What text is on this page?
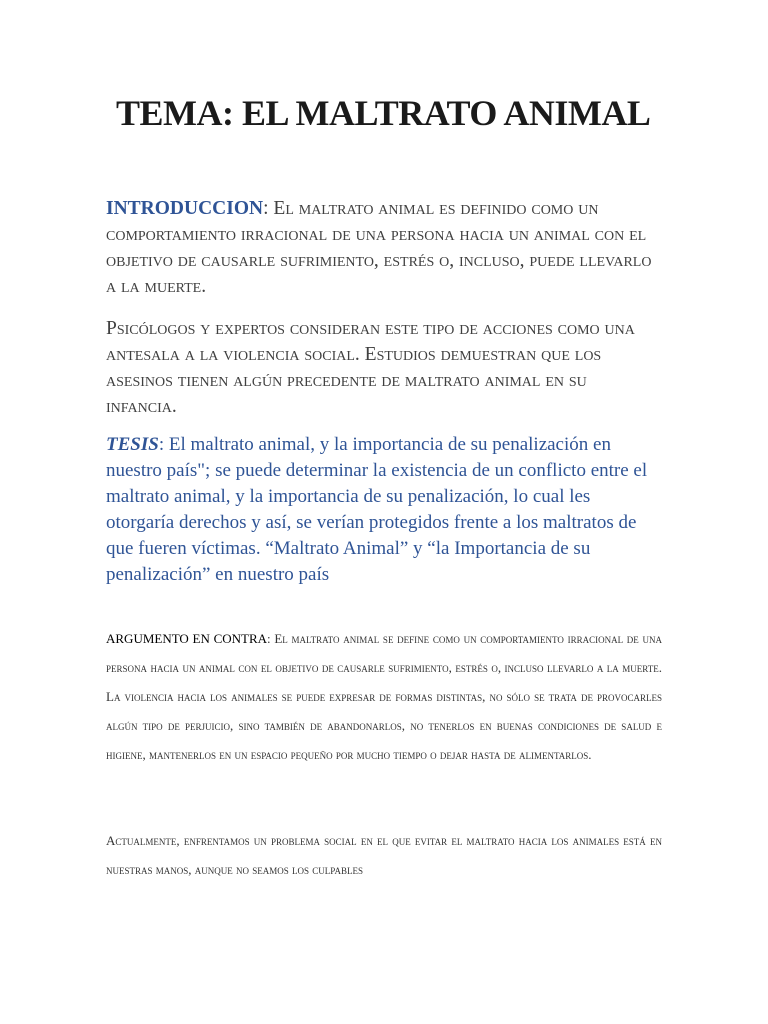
TEMA: EL MALTRATO ANIMAL

INTRODUCCION: El maltrato animal es definido como un comportamiento irracional de una persona hacia un animal con el objetivo de causarle sufrimiento, estrés o, incluso, puede llevarlo a la muerte.

Psicólogos y expertos consideran este tipo de acciones como una antesala a la violencia social. Estudios demuestran que los asesinos tienen algún precedente de maltrato animal en su infancia.

TESIS: El maltrato animal, y la importancia de su penalización en nuestro país"; se puede determinar la existencia de un conflicto entre el maltrato animal, y la importancia de su penalización, lo cual les otorgaría derechos y así, se verían protegidos frente a los maltratos de que fueren víctimas. “Maltrato Animal” y “la Importancia de su penalización” en nuestro país

ARGUMENTO EN CONTRA: El maltrato animal se define como un comportamiento irracional de una persona hacia un animal con el objetivo de causarle sufrimiento, estrés o, incluso llevarlo a la muerte. La violencia hacia los animales se puede expresar de formas distintas, no sólo se trata de provocarles algún tipo de perjuicio, sino también de abandonarlos, no tenerlos en buenas condiciones de salud e higiene, mantenerlos en un espacio pequeño por mucho tiempo o dejar hasta de alimentarlos.

Actualmente, enfrentamos un problema social en el que evitar el maltrato hacia los animales está en nuestras manos, aunque no seamos los culpables
